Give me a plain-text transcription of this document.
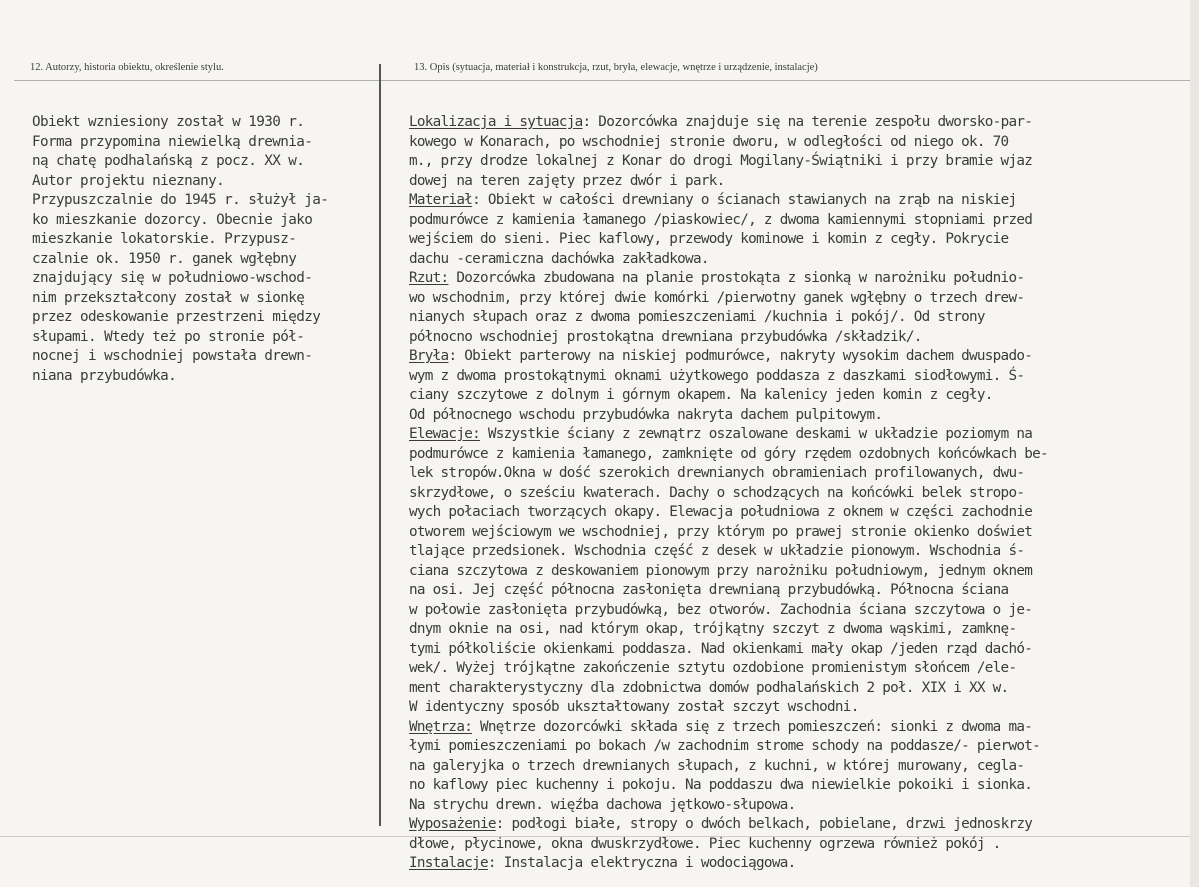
12. Autorzy, historia obiektu, określenie stylu.	13. Opis (sytuacja, materiał i konstrukcja, rzut, bryła, elewacje, wnętrze i urządzenie, instalacje)
Obiekt wzniesiony został w 1930 r.
Forma przypomina niewielką drewnia-
ną chatę podhalańską z pocz. XX w.
Autor projektu nieznany.
Przypuszczalnie do 1945 r. służył ja-
ko mieszkanie dozorcy. Obecnie jako
mieszkanie lokatorskie. Przypusz-
czalnie ok. 1950 r. ganek wgłębny
znajdujący się w południowo-wschod-
nim przekształcony został w sionkę
przez odeskowanie przestrzeni między
słupami. Wtedy też po stronie pół-
nocnej i wschodniej powstała drewn-
niana przybudówka.
Lokalizacja i sytuacja: Dozorcówka znajduje się na terenie zespołu dworsko-par-
kowego w Konarach, po wschodniej stronie dworu, w odległości od niego ok. 70
m., przy drodze lokalnej z Konar do drogi Mogilany-Świątniki i przy bramie wjaz
dowej na teren zajęty przez dwór i park.
Materiał: Obiekt w całości drewniany o ścianach stawianych na zrąb na niskiej
podmurówce z kamienia łamanego /piaskowiec/, z dwoma kamiennymi stopniami przed
wejściem do sieni. Piec kaflowy, przewody kominowe i komin z cegły. Pokrycie
dachu -ceramiczna dachówka zakładkowa.
Rzut: Dozorcówka zbudowana na planie prostokąta z sionką w narożniku południo-
wo wschodnim, przy której dwie komórki /pierwotny ganek wgłębny o trzech drew-
nianych słupach oraz z dwoma pomieszczeniami /kuchnia i pokój/. Od strony
północno wschodniej prostokątna drewniana przybudówka /składzik/.
Bryła: Obiekt parterowy na niskiej podmurówce, nakryty wysokim dachem dwuspado-
wym z dwoma prostokątnymi oknami użytkowego poddasza z daszkami siodłowymi. Ś-
ciany szczytowe z dolnym i górnym okapem. Na kalenicy jeden komin z cegły.
Od północnego wschodu przybudówka nakryta dachem pulpitowym.
Elewacje: Wszystkie ściany z zewnątrz oszalowane deskami w układzie poziomym na
podmurówce z kamienia łamanego, zamknięte od góry rzędem ozdobnych końcówkach be-
lek stropów.Okna w dość szerokich drewnianych obramieniach profilowanych, dwu-
skrzydłowe, o sześciu kwaterach. Dachy o schodzących na końcówki belek stropo-
wych połaciach tworzących okapy. Elewacja południowa z oknem w części zachodnie
otworem wejściowym we wschodniej, przy którym po prawej stronie okienko doświet
tlające przedsionek. Wschodnia część z desek w układzie pionowym. Wschodnia ś-
ciana szczytowa z deskowaniem pionowym przy narożniku południowym, jednym oknem
na osi. Jej część północna zasłonięta drewnianą przybudówką. Północna ściana
w połowie zasłonięta przybudówką, bez otworów. Zachodnia ściana szczytowa o je-
dnym oknie na osi, nad którym okap, trójkątny szczyt z dwoma wąskimi, zamknę-
tymi półkoliście okienkami poddasza. Nad okienkami mały okap /jeden rząd dachó-
wek/. Wyżej trójkątne zakończenie sztytu ozdobione promienistym słońcem /ele-
ment charakterystyczny dla zdobnictwa domów podhalańskich 2 poł. XIX i XX w.
W identyczny sposób ukształtowany został szczyt wschodni.
Wnętrza: Wnętrze dozorcówki składa się z trzech pomieszczeń: sionki z dwoma ma-
łymi pomieszczeniami po bokach /w zachodnim strome schody na poddasze/- pierwot-
na galeryjka o trzech drewnianych słupach, z kuchni, w której murowany, cegla-
no kaflowy piec kuchenny i pokoju. Na poddaszu dwa niewielkie pokoiki i sionka.
Na strychu drewn. więźba dachowa jętkowo-słupowa.
Wyposażenie: podłogi białe, stropy o dwóch belkach, pobielane, drzwi jednoskrzy
dłowe, płycinowe, okna dwuskrzydłowe. Piec kuchenny ogrzewa również pokój .
Instalacje: Instalacja elektryczna i wodociągowa.
